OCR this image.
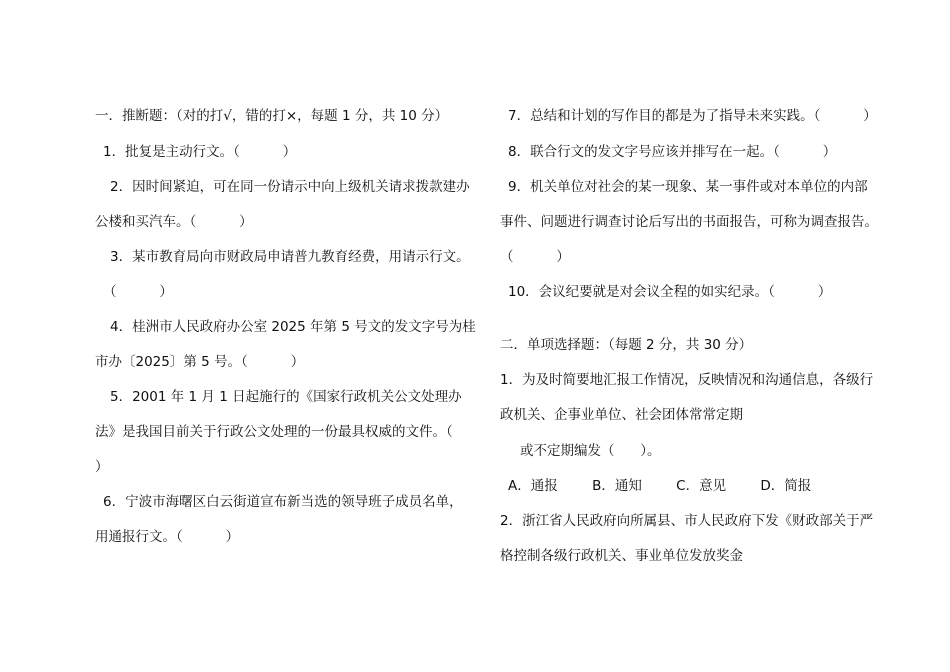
一．推断题：（对的打√，错的打×，每题 1 分，共 10 分）
1．批复是主动行文。（          ）
2．因时间紧迫，可在同一份请示中向上级机关请求拨款建办
公楼和买汽车。（          ）
3．某市教育局向市财政局申请普九教育经费，用请示行文。
（          ）
4．桂洲市人民政府办公室 2025 年第 5 号文的发文字号为桂
市办〔2025〕第 5 号。（          ）
5．2001 年 1 月 1 日起施行的《国家行政机关公文处理办
法》是我国目前关于行政公文处理的一份最具权威的文件。（
）
6．宁波市海曙区白云街道宣布新当选的领导班子成员名单，
用通报行文。（          ）
7．总结和计划的写作目的都是为了指导未来实践。（          ）
8．联合行文的发文字号应该并排写在一起。（          ）
9．机关单位对社会的某一现象、某一事件或对本单位的内部
事件、问题进行调查讨论后写出的书面报告，可称为调查报告。
（          ）
10．会议纪要就是对会议全程的如实纪录。（          ）
二．单项选择题：（每题 2 分，共 30 分）
1．为及时简要地汇报工作情况，反映情况和沟通信息，各级行
政机关、企事业单位、社会团体常常定期
或不定期编发（      ）。
A．通报        B．通知        C．意见        D．简报
2．浙江省人民政府向所属县、市人民政府下发《财政部关于严
格控制各级行政机关、事业单位发放奖金
